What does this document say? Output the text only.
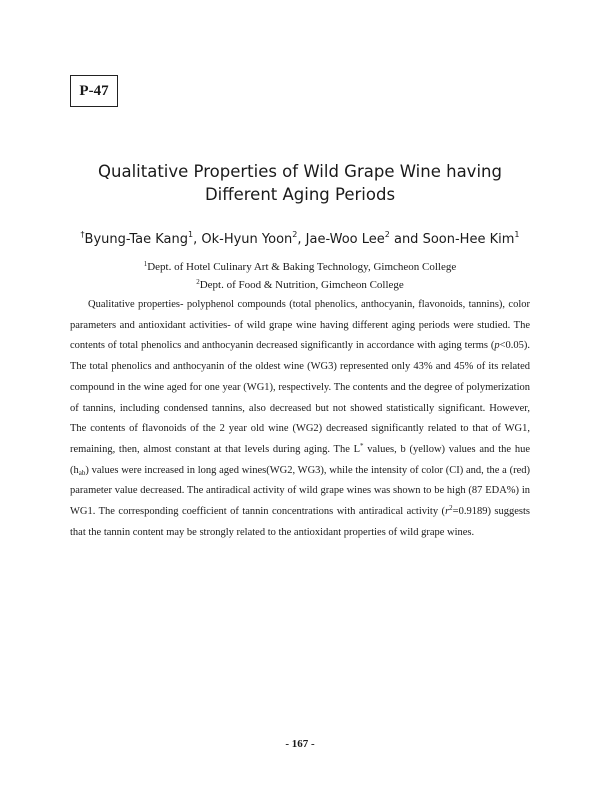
P-47
Qualitative Properties of Wild Grape Wine having
Different Aging Periods
†Byung-Tae Kang$^1$, Ok-Hyun Yoon$^2$, Jae-Woo Lee$^2$ and Soon-Hee Kim$^1$
$^1$Dept. of Hotel Culinary Art & Baking Technology, Gimcheon College
$^2$Dept. of Food & Nutrition, Gimcheon College

Qualitative properties- polyphenol compounds (total phenolics, anthocyanin, flavonoids, tannins), color parameters and antioxidant activities- of wild grape wine having different aging periods were studied. The contents of total phenolics and anthocyanin decreased significantly in accordance with aging terms (p<0.05). The total phenolics and anthocyanin of the oldest wine (WG3) represented only 43% and 45% of its related compound in the wine aged for one year (WG1), respectively. The contents and the degree of polymerization of tannins, including condensed tannins, also decreased but not showed statistically significant. However, The contents of flavonoids of the 2 year old wine (WG2) decreased significantly related to that of WG1, remaining, then, almost constant at that levels during aging. The L* values, b (yellow) values and the hue $(h_{ab})$ values were increased in long aged wines(WG2, WG3), while the intensity of color (CI) and, the a (red) parameter value decreased. The antiradical activity of wild grape wines was shown to be high (87 EDA%) in WG1. The corresponding coefficient of tannin concentrations with antiradical activity $(r^2=0.9189)$ suggests that the tannin content may be strongly related to the antioxidant properties of wild grape wines.

- 167 -
